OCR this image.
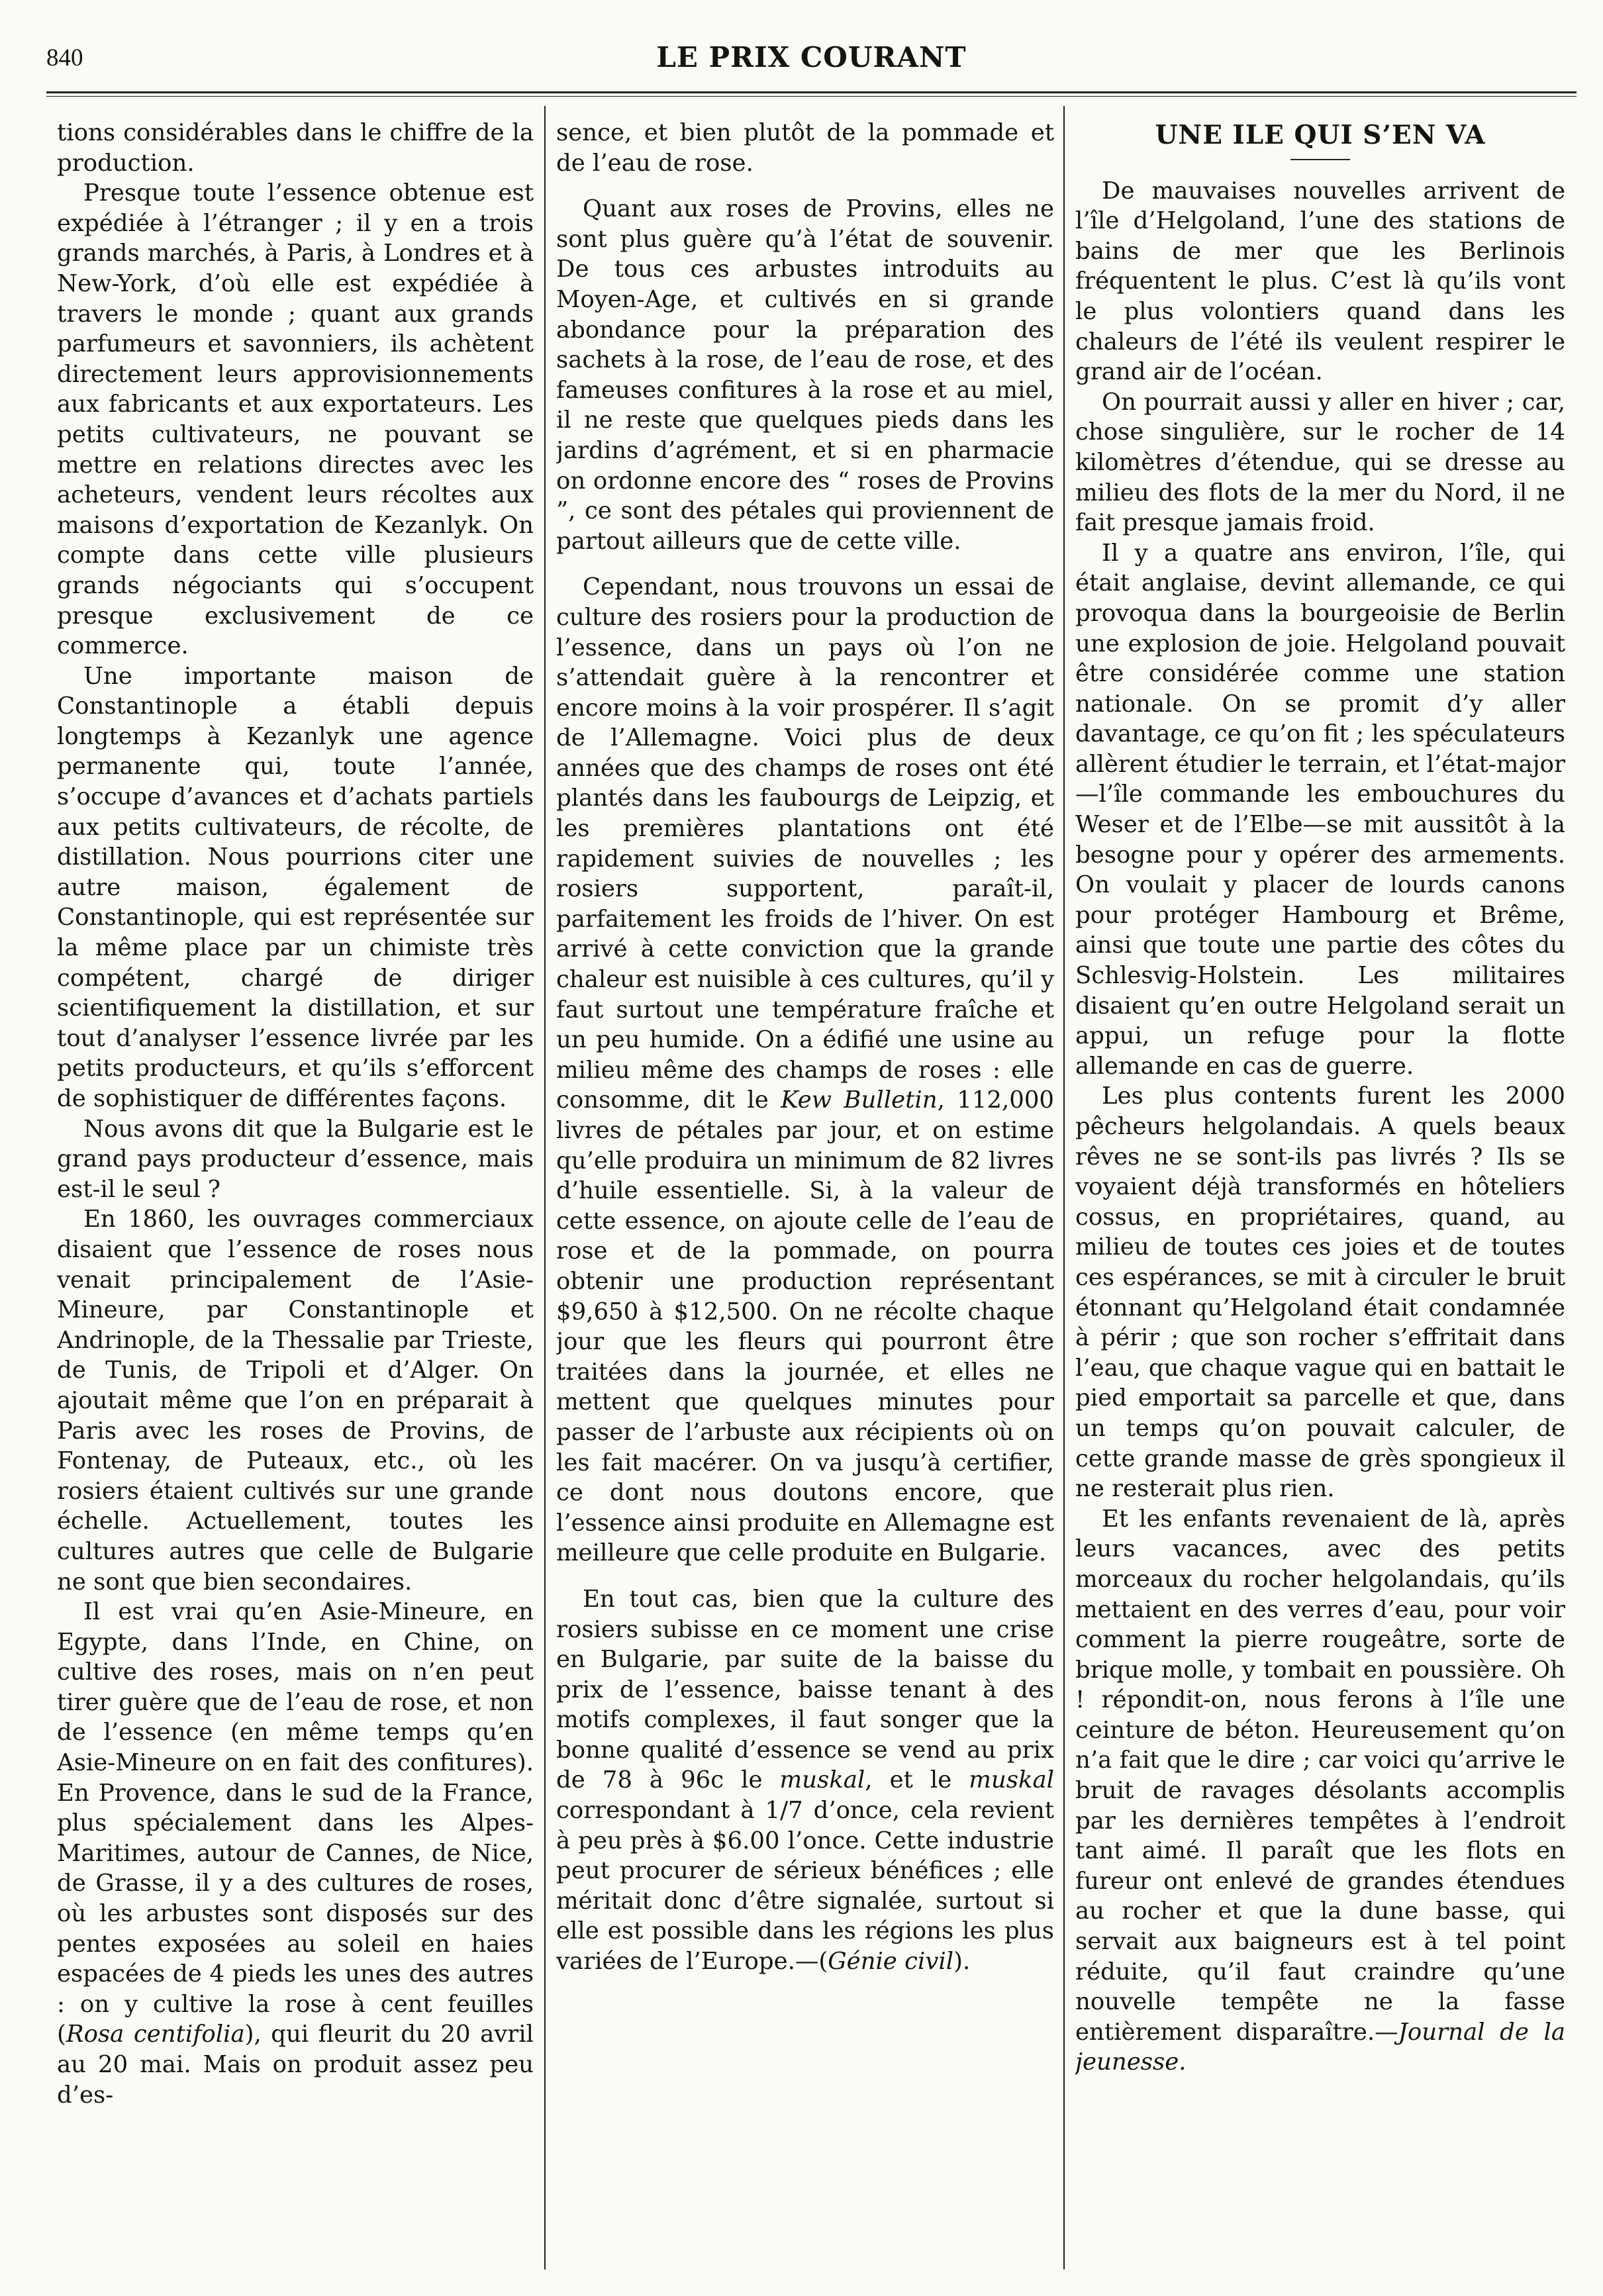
840	LE PRIX COURANT

tions considérables dans le chiffre de la production.

Presque toute l’essence obtenue est expédiée à l’étranger ; il y en a trois grands marchés, à Paris, à Londres et à New-York, d’où elle est expédiée à travers le monde ; quant aux grands parfumeurs et savonniers, ils achètent directement leurs approvisionnements aux fabricants et aux exportateurs. Les petits cultivateurs, ne pouvant se mettre en relations directes avec les acheteurs, vendent leurs récoltes aux maisons d’exportation de Kezanlyk. On compte dans cette ville plusieurs grands négociants qui s’occupent presque exclusivement de ce commerce.

Une importante maison de Constantinople a établi depuis longtemps à Kezanlyk une agence permanente qui, toute l’année, s’occupe d’avances et d’achats partiels aux petits cultivateurs, de récolte, de distillation. Nous pourrions citer une autre maison, également de Constantinople, qui est représentée sur la même place par un chimiste très compétent, chargé de diriger scientifiquement la distillation, et sur tout d’analyser l’essence livrée par les petits producteurs, et qu’ils s’efforcent de sophistiquer de différentes façons.

Nous avons dit que la Bulgarie est le grand pays producteur d’essence, mais est-il le seul ?

En 1860, les ouvrages commerciaux disaient que l’essence de roses nous venait principalement de l’Asie-Mineure, par Constantinople et Andrinople, de la Thessalie par Trieste, de Tunis, de Tripoli et d’Alger. On ajoutait même que l’on en préparait à Paris avec les roses de Provins, de Fontenay, de Puteaux, etc., où les rosiers étaient cultivés sur une grande échelle. Actuellement, toutes les cultures autres que celle de Bulgarie ne sont que bien secondaires.

Il est vrai qu’en Asie-Mineure, en Egypte, dans l’Inde, en Chine, on cultive des roses, mais on n’en peut tirer guère que de l’eau de rose, et non de l’essence (en même temps qu’en Asie-Mineure on en fait des confitures). En Provence, dans le sud de la France, plus spécialement dans les Alpes-Maritimes, autour de Cannes, de Nice, de Grasse, il y a des cultures de roses, où les arbustes sont disposés sur des pentes exposées au soleil en haies espacées de 4 pieds les unes des autres : on y cultive la rose à cent feuilles (Rosa centifolia), qui fleurit du 20 avril au 20 mai. Mais on produit assez peu d’es-

sence, et bien plutôt de la pommade et de l’eau de rose.

Quant aux roses de Provins, elles ne sont plus guère qu’à l’état de souvenir. De tous ces arbustes introduits au Moyen-Age, et cultivés en si grande abondance pour la préparation des sachets à la rose, de l’eau de rose, et des fameuses confitures à la rose et au miel, il ne reste que quelques pieds dans les jardins d’agrément, et si en pharmacie on ordonne encore des “ roses de Provins ”, ce sont des pétales qui proviennent de partout ailleurs que de cette ville.

Cependant, nous trouvons un essai de culture des rosiers pour la production de l’essence, dans un pays où l’on ne s’attendait guère à la rencontrer et encore moins à la voir prospérer. Il s’agit de l’Allemagne. Voici plus de deux années que des champs de roses ont été plantés dans les faubourgs de Leipzig, et les premières plantations ont été rapidement suivies de nouvelles ; les rosiers supportent, paraît-il, parfaitement les froids de l’hiver. On est arrivé à cette conviction que la grande chaleur est nuisible à ces cultures, qu’il y faut surtout une température fraîche et un peu humide. On a édifié une usine au milieu même des champs de roses : elle consomme, dit le Kew Bulletin, 112,000 livres de pétales par jour, et on estime qu’elle produira un minimum de 82 livres d’huile essentielle. Si, à la valeur de cette essence, on ajoute celle de l’eau de rose et de la pommade, on pourra obtenir une production représentant $9,650 à $12,500. On ne récolte chaque jour que les fleurs qui pourront être traitées dans la journée, et elles ne mettent que quelques minutes pour passer de l’arbuste aux récipients où on les fait macérer. On va jusqu’à certifier, ce dont nous doutons encore, que l’essence ainsi produite en Allemagne est meilleure que celle produite en Bulgarie.

En tout cas, bien que la culture des rosiers subisse en ce moment une crise en Bulgarie, par suite de la baisse du prix de l’essence, baisse tenant à des motifs complexes, il faut songer que la bonne qualité d’essence se vend au prix de 78 à 96c le muskal, et le muskal correspondant à 1/7 d’once, cela revient à peu près à $6.00 l’once. Cette industrie peut procurer de sérieux bénéfices ; elle méritait donc d’être signalée, surtout si elle est possible dans les régions les plus variées de l’Europe.—(Génie civil).

UNE ILE QUI S’EN VA

De mauvaises nouvelles arrivent de l’île d’Helgoland, l’une des stations de bains de mer que les Berlinois fréquentent le plus. C’est là qu’ils vont le plus volontiers quand dans les chaleurs de l’été ils veulent respirer le grand air de l’océan.

On pourrait aussi y aller en hiver ; car, chose singulière, sur le rocher de 14 kilomètres d’étendue, qui se dresse au milieu des flots de la mer du Nord, il ne fait presque jamais froid.

Il y a quatre ans environ, l’île, qui était anglaise, devint allemande, ce qui provoqua dans la bourgeoisie de Berlin une explosion de joie. Helgoland pouvait être considérée comme une station nationale. On se promit d’y aller davantage, ce qu’on fit ; les spéculateurs allèrent étudier le terrain, et l’état-major—l’île commande les embouchures du Weser et de l’Elbe—se mit aussitôt à la besogne pour y opérer des armements. On voulait y placer de lourds canons pour protéger Hambourg et Brême, ainsi que toute une partie des côtes du Schlesvig-Holstein. Les militaires disaient qu’en outre Helgoland serait un appui, un refuge pour la flotte allemande en cas de guerre.

Les plus contents furent les 2000 pêcheurs helgolandais. A quels beaux rêves ne se sont-ils pas livrés ? Ils se voyaient déjà transformés en hôteliers cossus, en propriétaires, quand, au milieu de toutes ces joies et de toutes ces espérances, se mit à circuler le bruit étonnant qu’Helgoland était condamnée à périr ; que son rocher s’effritait dans l’eau, que chaque vague qui en battait le pied emportait sa parcelle et que, dans un temps qu’on pouvait calculer, de cette grande masse de grès spongieux il ne resterait plus rien.

Et les enfants revenaient de là, après leurs vacances, avec des petits morceaux du rocher helgolandais, qu’ils mettaient en des verres d’eau, pour voir comment la pierre rougeâtre, sorte de brique molle, y tombait en poussière. Oh ! répondit-on, nous ferons à l’île une ceinture de béton. Heureusement qu’on n’a fait que le dire ; car voici qu’arrive le bruit de ravages désolants accomplis par les dernières tempêtes à l’endroit tant aimé. Il paraît que les flots en fureur ont enlevé de grandes étendues au rocher et que la dune basse, qui servait aux baigneurs est à tel point réduite, qu’il faut craindre qu’une nouvelle tempête ne la fasse entièrement disparaître.—Journal de la jeunesse.
